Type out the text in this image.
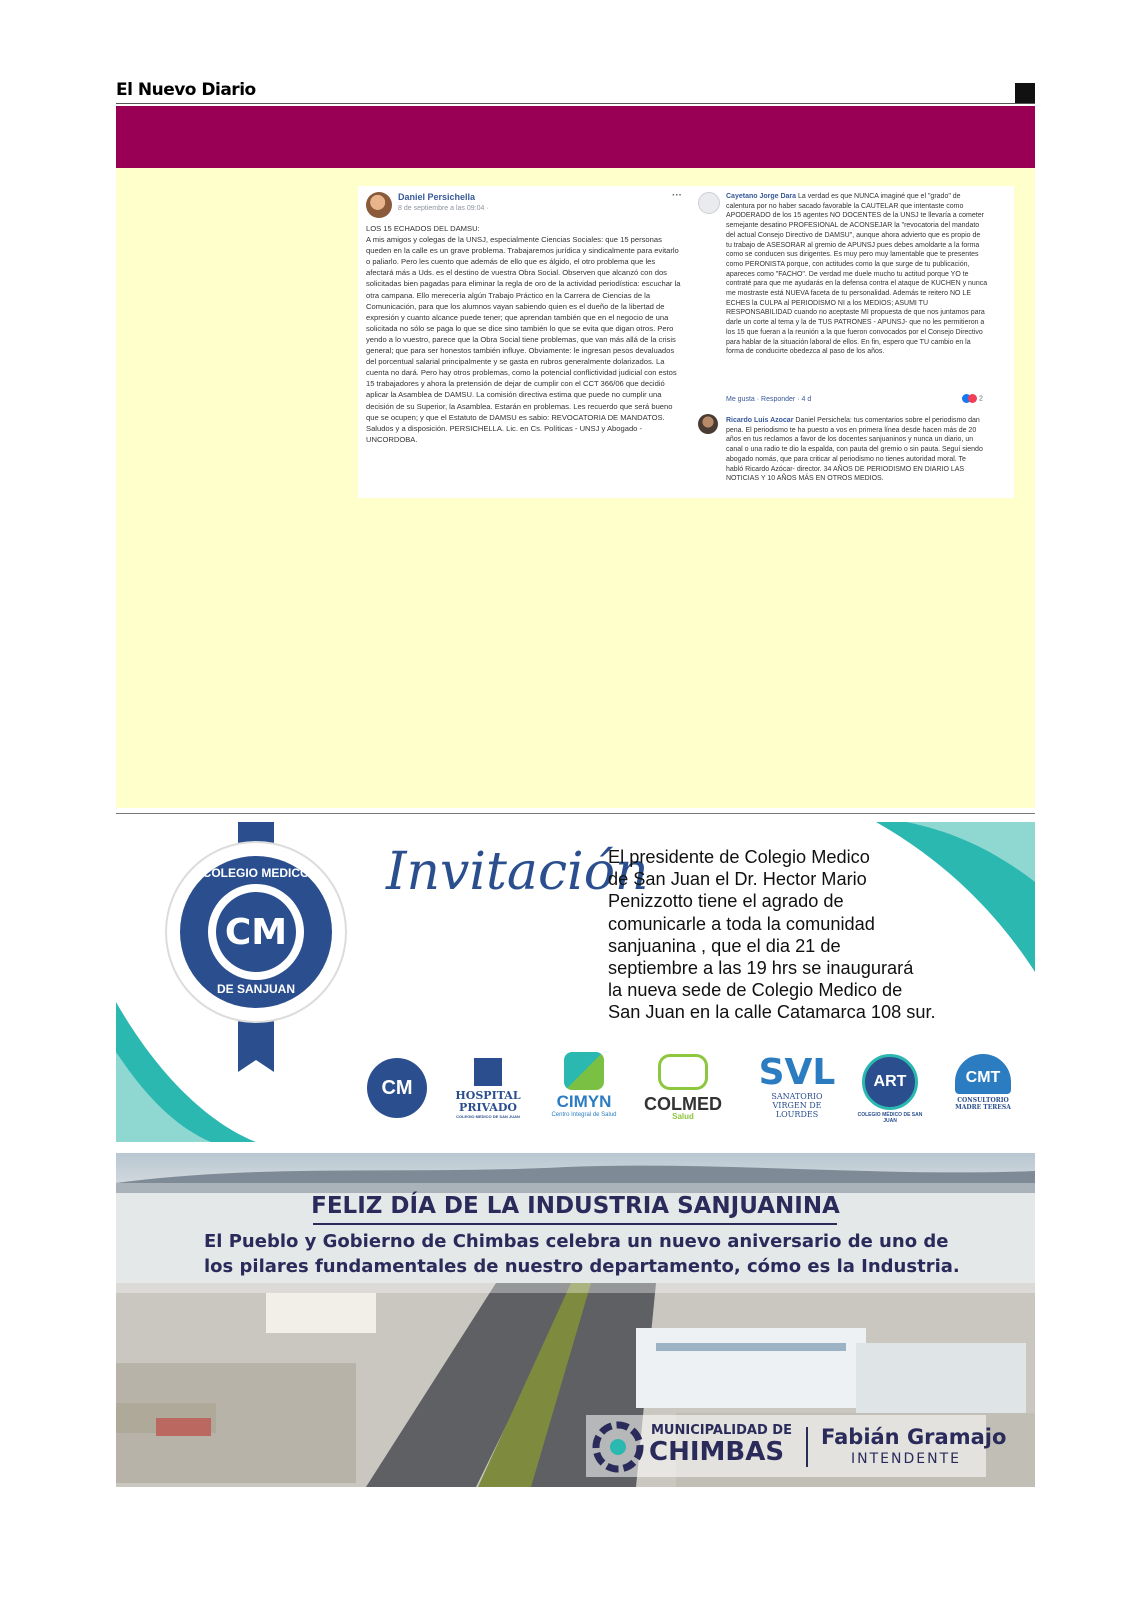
El Nuevo Diario
Daniel Persichella
8 de septiembre a las 09:04 ·
···
LOS 15 ECHADOS DEL DAMSU:
A mis amigos y colegas de la UNSJ, especialmente Ciencias Sociales: que 15 personas queden en la calle es un grave problema. Trabajaremos jurídica y sindicalmente para evitarlo o paliarlo. Pero les cuento que además de ello que es álgido, el otro problema que les afectará más a Uds. es el destino de vuestra Obra Social. Observen que alcanzó con dos solicitadas bien pagadas para eliminar la regla de oro de la actividad periodística: escuchar la otra campana. Ello merecería algún Trabajo Práctico en la Carrera de Ciencias de la Comunicación, para que los alumnos vayan sabiendo quien es el dueño de la libertad de expresión y cuanto alcance puede tener; que aprendan también que en el negocio de una solicitada no sólo se paga lo que se dice sino también lo que se evita que digan otros. Pero yendo a lo vuestro, parece que la Obra Social tiene problemas, que van más allá de la crisis general; que para ser honestos también influye. Obviamente: le ingresan pesos devaluados del porcentual salarial principalmente y se gasta en rubros generalmente dolarizados. La cuenta no dará. Pero hay otros problemas, como la potencial conflictividad judicial con estos 15 trabajadores y ahora la pretensión de dejar de cumplir con el CCT 366/06 que decidió aplicar la Asamblea de DAMSU. La comisión directiva estima que puede no cumplir una decisión de su Superior, la Asamblea. Estarán en problemas. Les recuerdo que será bueno que se ocupen; y que el Estatuto de DAMSU es sabio: REVOCATORIA DE MANDATOS. Saludos y a disposición. PERSICHELLA. Lic. en Cs. Políticas - UNSJ y Abogado - UNCORDOBA.
Cayetano Jorge Dara La verdad es que NUNCA imaginé que el "grado" de calentura por no haber sacado favorable la CAUTELAR que intentaste como APODERADO de los 15 agentes NO DOCENTES de la UNSJ te llevaría a cometer semejante desatino PROFESIONAL de ACONSEJAR la "revocatoria del mandato del actual Consejo Directivo de DAMSU", aunque ahora advierto que es propio de tu trabajo de ASESORAR al gremio de APUNSJ pues debes amoldarte a la forma como se conducen sus dirigentes. Es muy pero muy lamentable que te presentes como PERONISTA porque, con actitudes como la que surge de tu publicación, apareces como "FACHO". De verdad me duele mucho tu actitud porque YO te contraté para que me ayudarás en la defensa contra el ataque de KUCHEN y nunca me mostraste está NUEVA faceta de tu personalidad. Además te reitero NO LE ECHES la CULPA al PERIODISMO NI a los MEDIOS; ASUMI TU RESPONSABILIDAD cuando no aceptaste MI propuesta de que nos juntamos para darle un corte al tema y la de TUS PATRONES - APUNSJ- que no les permitieron a los 15 que fueran a la reunión a la que fueron convocados por el Consejo Directivo para hablar de la situación laboral de ellos. En fin, espero que TU cambio en la forma de conducirte obedezca al paso de los años.
Me gusta · Responder · 4 d	2
Ricardo Luis Azocar Daniel Persichela: tus comentarios sobre el periodismo dan pena. El periodismo te ha puesto a vos en primera línea desde hacen más de 20 años en tus reclamos a favor de los docentes sanjuaninos y nunca un diario, un canal o una radio te dio la espalda, con pauta del gremio o sin pauta. Seguí siendo abogado nomás, que para criticar al periodismo no tienes autoridad moral. Te habló Ricardo Azócar- director. 34 AÑOS DE PERIODISMO EN DIARIO LAS NOTICIAS Y 10 AÑOS MÁS EN OTROS MEDIOS.
CM
COLEGIO MEDICO
DE SANJUAN
Invitación
El presidente de Colegio Medico
de San Juan el Dr. Hector Mario
Penizzotto tiene el agrado de
comunicarle a toda la comunidad
sanjuanina , que el dia 21 de
septiembre a las 19 hrs se inaugurará
la nueva sede de Colegio Medico de
San Juan en la calle Catamarca 108 sur.
CM	HOSPITAL PRIVADO
COLEGIO MEDICO DE SAN JUAN
CIMYN
Centro Integral de Salud
COLMED
Salud
SVL
SANATORIO VIRGEN DE LOURDES
ART
COLEGIO MÉDICO DE SAN JUAN
CMT
CONSULTORIO MADRE TERESA
FELIZ DÍA DE LA INDUSTRIA SANJUANINA
El Pueblo y Gobierno de Chimbas celebra un nuevo aniversario de uno de los pilares fundamentales de nuestro departamento, cómo es la Industria.
MUNICIPALIDAD DE
CHIMBAS Fabián Gramajo
INTENDENTE
